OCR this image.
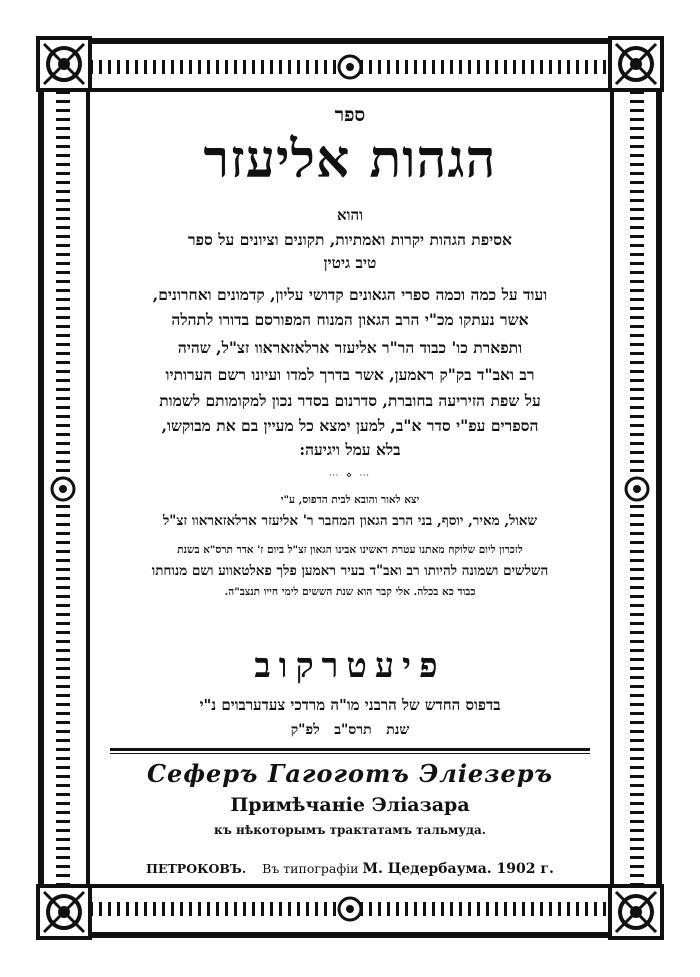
ספר
הגהות אליעזר
והוא
אסיפת הגהות יקרות ואמתיות, תקונים וציונים על ספר
טיב גיטין
ועוד על כמה וכמה ספרי הגאונים קדושי עליון, קדמונים ואחרונים,
אשר נעתקו מכ"י הרב הגאון המנוח המפורסם בדורו לתהלה
ותפארת כו' כבוד הר"ר אליעזר ארלאזאראוו זצ"ל, שהיה
רב ואב"ד בק"ק ראמען, אשר בדרך למדו ועיונו רשם הערותיו
על שפת הזיריעה בחוברת, סדרנום בסדר נכון למקומותם לשמות
הספרים עפ"י סדר א"ב, למען ימצא כל מעיין בם את מבוקשו,
בלא עמל ויגיעה:
⋯ ⋄ ⋯
יצא לאור והובא לבית הדפוס, ע"י
שאול, מאיר, יוסף, בני הרב הגאון המחבר ר' אליעזר ארלאזאראוו זצ"ל
לזכרון ליום שלוקח מאתנו עטרת ראשינו אבינו הגאון זצ"ל ביום ז' אדר תרס"א בשנת
השלשים ושמונה להיותו רב ואב"ד בעיר ראמען פלך פאלטאווע ושם מנוחתו
כבוד כא בכלה. אלי קבר הוא שנת הששים לימי חייו תנצב"ה.
פיעטרקוב
בדפוס החדש של הרבני מו"ה מרדכי צעדערבוים נ"י
שנת   תרס"ב   לפ"ק
Сеферъ Гагоготъ Эліезеръ
Примѣчаніе Эліазара
къ нѣкоторымъ трактатамъ тальмуда.
ПЕТРОКОВЪ. Въ типографіи М. Цедербаума. 1902 г.
